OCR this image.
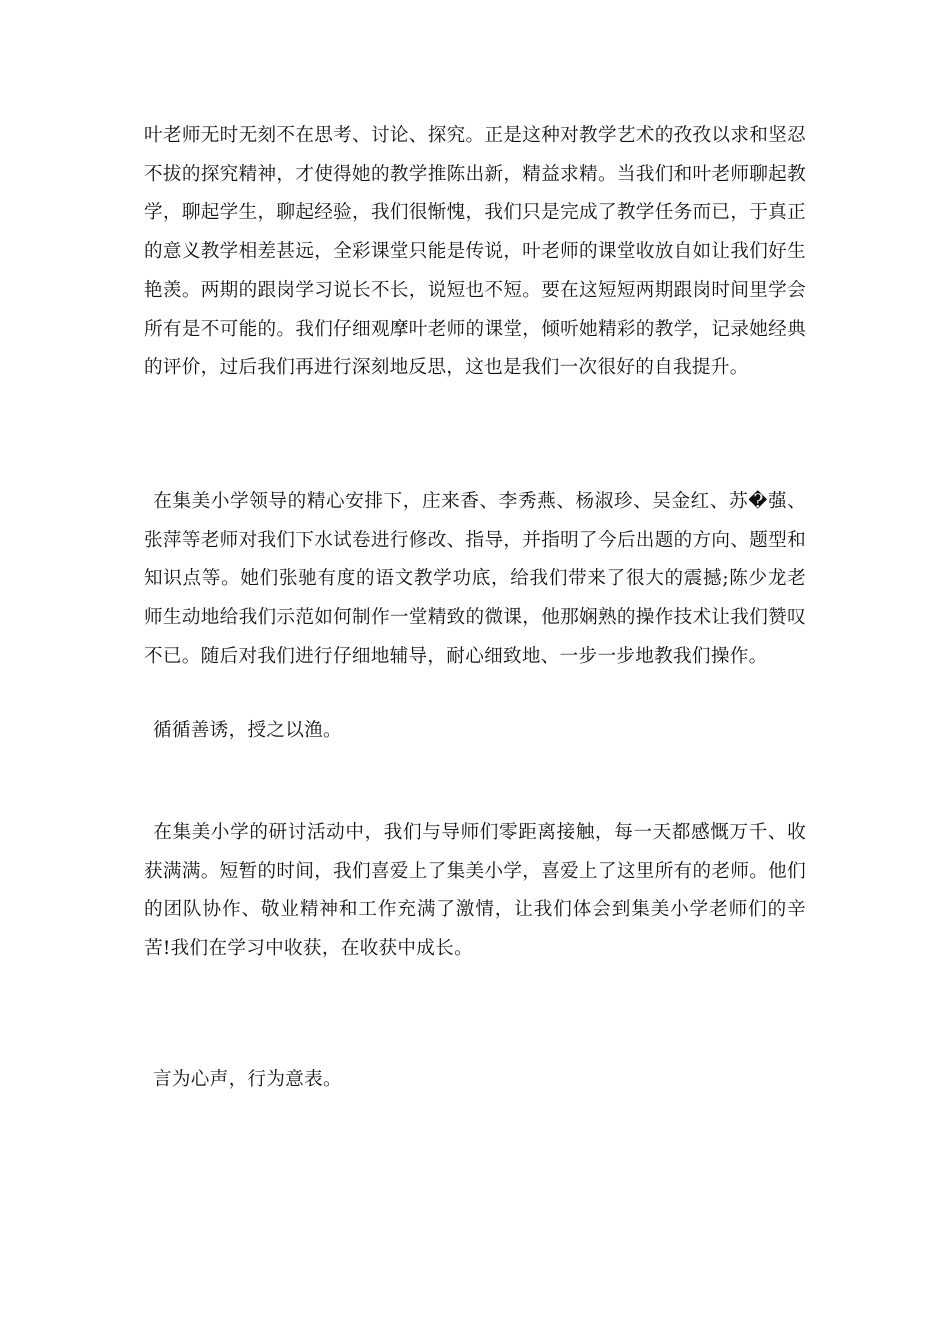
叶老师无时无刻不在思考、讨论、探究。正是这种对教学艺术的孜孜以求和坚忍不拔的探究精神，才使得她的教学推陈出新，精益求精。当我们和叶老师聊起教学，聊起学生，聊起经验，我们很惭愧，我们只是完成了教学任务而已，于真正的意义教学相差甚远，全彩课堂只能是传说，叶老师的课堂收放自如让我们好生艳羡。两期的跟岗学习说长不长，说短也不短。要在这短短两期跟岗时间里学会所有是不可能的。我们仔细观摩叶老师的课堂，倾听她精彩的教学，记录她经典的评价，过后我们再进行深刻地反思，这也是我们一次很好的自我提升。

在集美小学领导的精心安排下，庄来香、李秀燕、杨淑珍、吴金红、苏�蔃、张萍等老师对我们下水试卷进行修改、指导，并指明了今后出题的方向、题型和知识点等。她们张驰有度的语文教学功底，给我们带来了很大的震撼;陈少龙老师生动地给我们示范如何制作一堂精致的微课，他那娴熟的操作技术让我们赞叹不已。随后对我们进行仔细地辅导，耐心细致地、一步一步地教我们操作。

循循善诱，授之以渔。

在集美小学的研讨活动中，我们与导师们零距离接触，每一天都感慨万千、收获满满。短暂的时间，我们喜爱上了集美小学，喜爱上了这里所有的老师。他们的团队协作、敬业精神和工作充满了激情，让我们体会到集美小学老师们的辛苦!我们在学习中收获，在收获中成长。

言为心声，行为意表。
